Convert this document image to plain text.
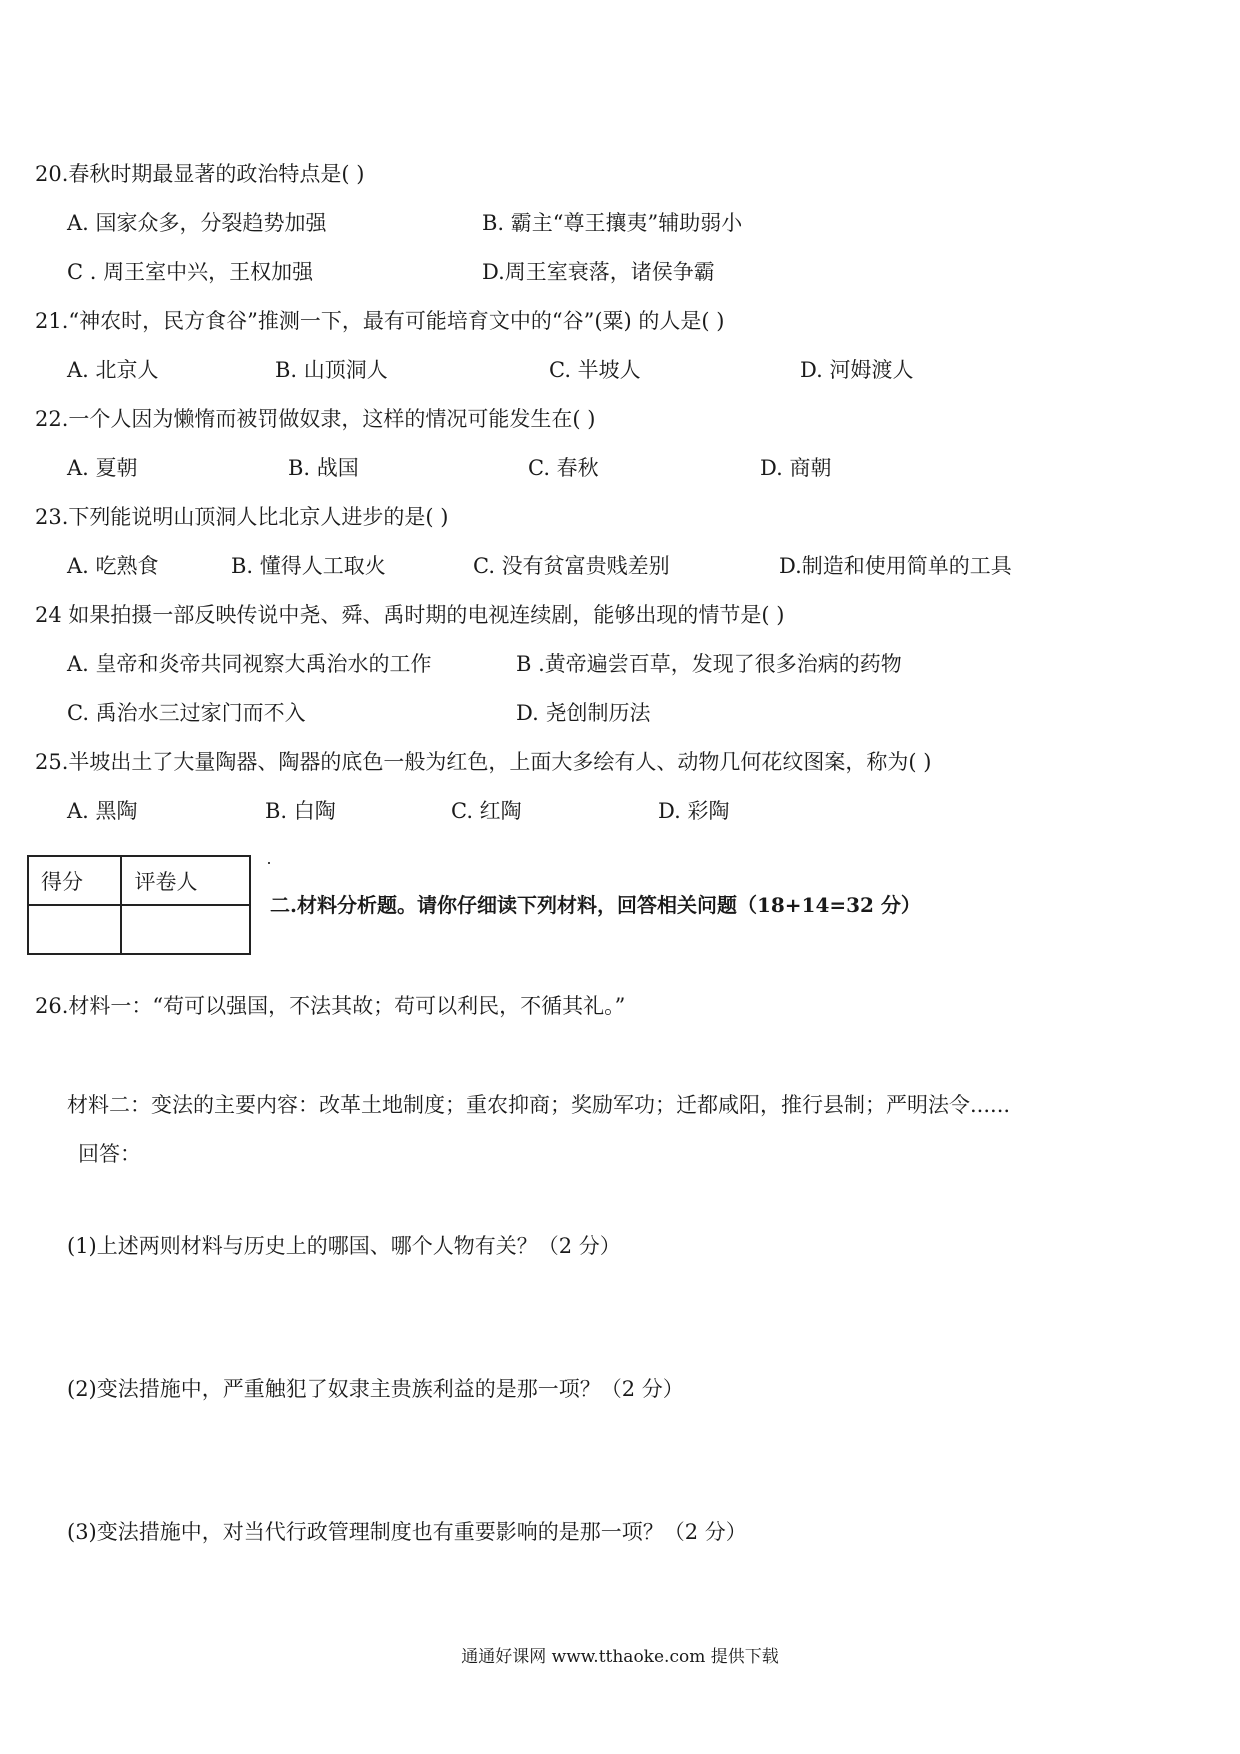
20.春秋时期最显著的政治特点是( )
A. 国家众多，分裂趋势加强	B. 霸主“尊王攘夷”辅助弱小
C . 周王室中兴，王权加强	D.周王室衰落，诸侯争霸
21.“神农时，民方食谷”推测一下，最有可能培育文中的“谷”(粟) 的人是( )
A. 北京人	B. 山顶洞人	C. 半坡人	D. 河姆渡人
22.一个人因为懒惰而被罚做奴隶，这样的情况可能发生在( )
A. 夏朝	B. 战国	C. 春秋	D. 商朝
23.下列能说明山顶洞人比北京人进步的是( )
A. 吃熟食	B. 懂得人工取火	C. 没有贫富贵贱差别	D.制造和使用简单的工具
24 如果拍摄一部反映传说中尧、舜、禹时期的电视连续剧，能够出现的情节是( )
A. 皇帝和炎帝共同视察大禹治水的工作	B .黄帝遍尝百草，发现了很多治病的药物
C. 禹治水三过家门而不入	D. 尧创制历法
25.半坡出土了大量陶器、陶器的底色一般为红色，上面大多绘有人、动物几何花纹图案，称为( )
A. 黑陶	B. 白陶	C. 红陶	D. 彩陶
得分	评卷人

二.材料分析题。请你仔细读下列材料，回答相关问题（18+14=32 分）
26.材料一：“苟可以强国，不法其故；苟可以利民，不循其礼。”
材料二：变法的主要内容：改革土地制度；重农抑商；奖励军功；迁都咸阳，推行县制；严明法令......
回答：
(1)上述两则材料与历史上的哪国、哪个人物有关？（2 分）
(2)变法措施中，严重触犯了奴隶主贵族利益的是那一项？（2 分）
(3)变法措施中，对当代行政管理制度也有重要影响的是那一项？（2 分）
通通好课网 www.tthaoke.com 提供下载
